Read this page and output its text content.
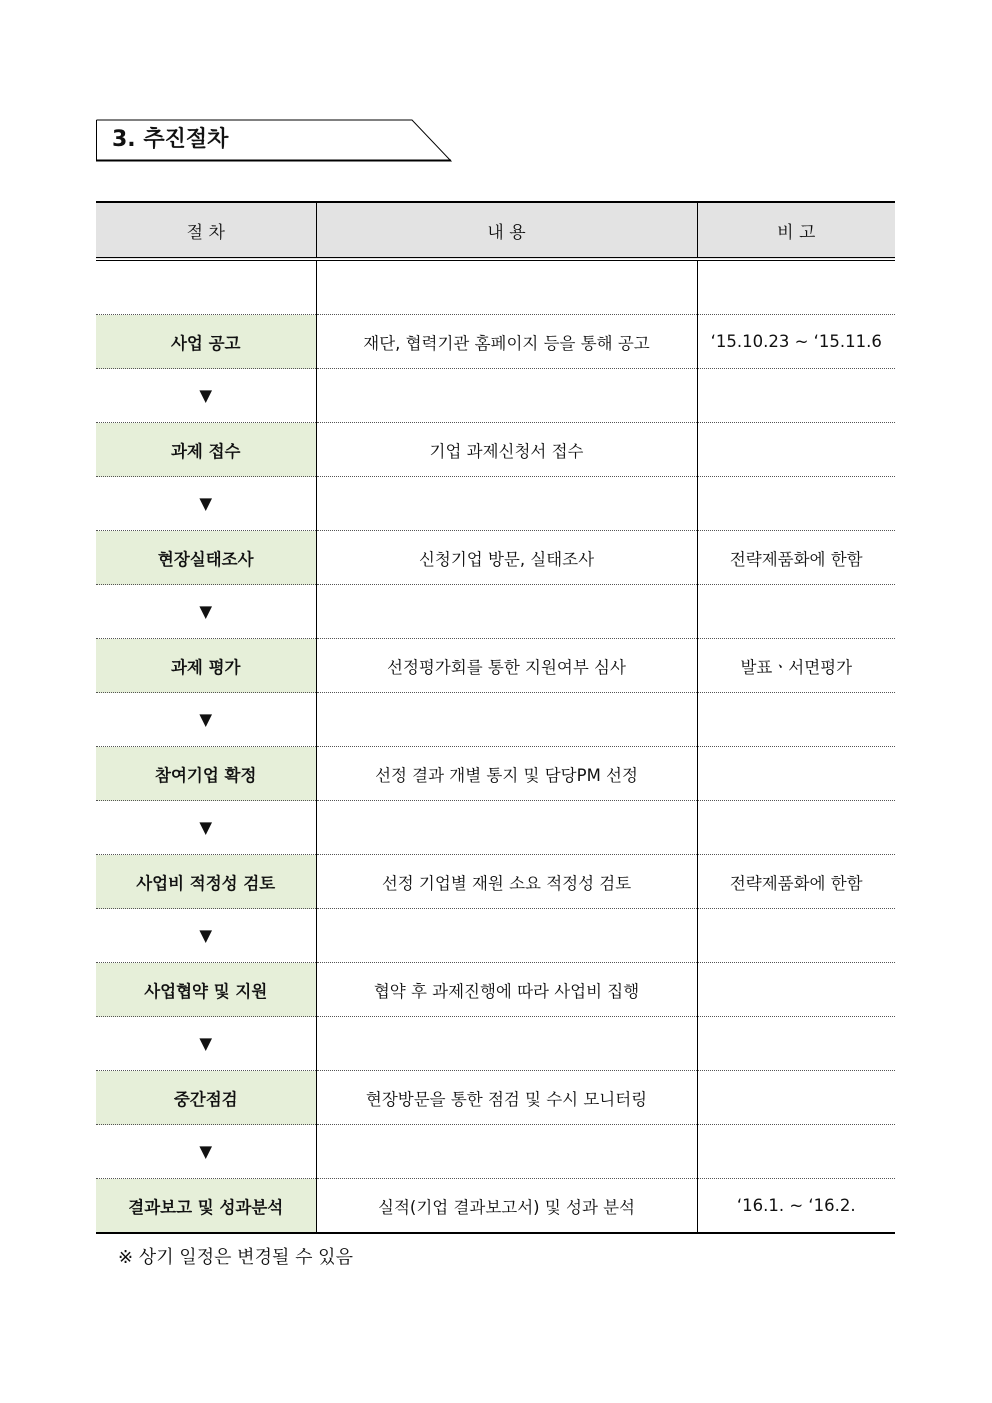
3. 추진절차
절 차	내 용	비 고

사업 공고	재단, 협력기관 홈페이지 등을 통해 공고	‘15.10.23 ~ ‘15.11.6
▼		
과제 접수	기업 과제신청서 접수	
▼		
현장실태조사	신청기업 방문, 실태조사	전략제품화에 한함
▼		
과제 평가	선정평가회를 통한 지원여부 심사	발표ㆍ서면평가
▼		
참여기업 확정	선정 결과 개별 통지 및 담당PM 선정	
▼		
사업비 적정성 검토	선정 기업별 재원 소요 적정성 검토	전략제품화에 한함
▼		
사업협약 및 지원	협약 후 과제진행에 따라 사업비 집행	
▼		
중간점검	현장방문을 통한 점검 및 수시 모니터링	
▼		
결과보고 및 성과분석	실적(기업 결과보고서) 및 성과 분석	‘16.1. ~ ‘16.2.
※ 상기 일정은 변경될 수 있음
